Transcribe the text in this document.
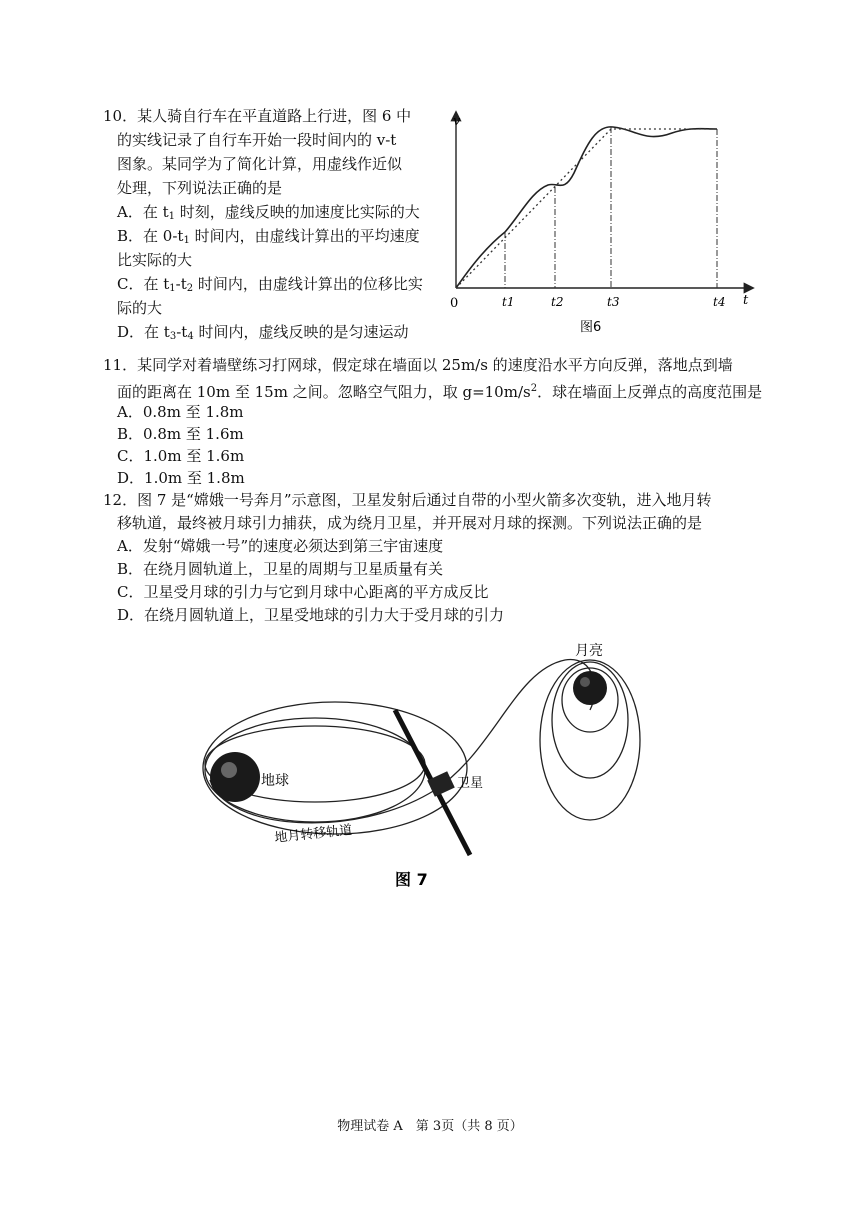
10．某人骑自行车在平直道路上行进，图 6 中
的实线记录了自行车开始一段时间内的 v-t
图象。某同学为了简化计算，用虚线作近似
处理，下列说法正确的是
A．在 $t_1$ 时刻，虚线反映的加速度比实际的大
B．在 $0-t_1$ 时间内，由虚线计算出的平均速度
比实际的大
C．在 $t_1-t_2$ 时间内，由虚线计算出的位移比实
际的大
D．在 $t_3-t_4$ 时间内，虚线反映的是匀速运动
v
t
0	t1	t2	t3	t4
图6
11．某同学对着墙壁练习打网球，假定球在墙面以 25m/s 的速度沿水平方向反弹，落地点到墙
面的距离在 10m 至 15m 之间。忽略空气阻力，取 $g=10m/s^2$．球在墙面上反弹点的高度范围是
A．0.8m 至 1.8m
B．0.8m 至 1.6m
C．1.0m 至 1.6m
D．1.0m 至 1.8m
12．图 7 是“嫦娥一号奔月”示意图，卫星发射后通过自带的小型火箭多次变轨，进入地月转
移轨道，最终被月球引力捕获，成为绕月卫星，并开展对月球的探测。下列说法正确的是
A．发射“嫦娥一号”的速度必须达到第三宇宙速度
B．在绕月圆轨道上，卫星的周期与卫星质量有关
C．卫星受月球的引力与它到月球中心距离的平方成反比
D．在绕月圆轨道上，卫星受地球的引力大于受月球的引力
月亮
地球	卫星
地月转移轨道
图 7
物理试卷 A　第 3页（共 8 页）
